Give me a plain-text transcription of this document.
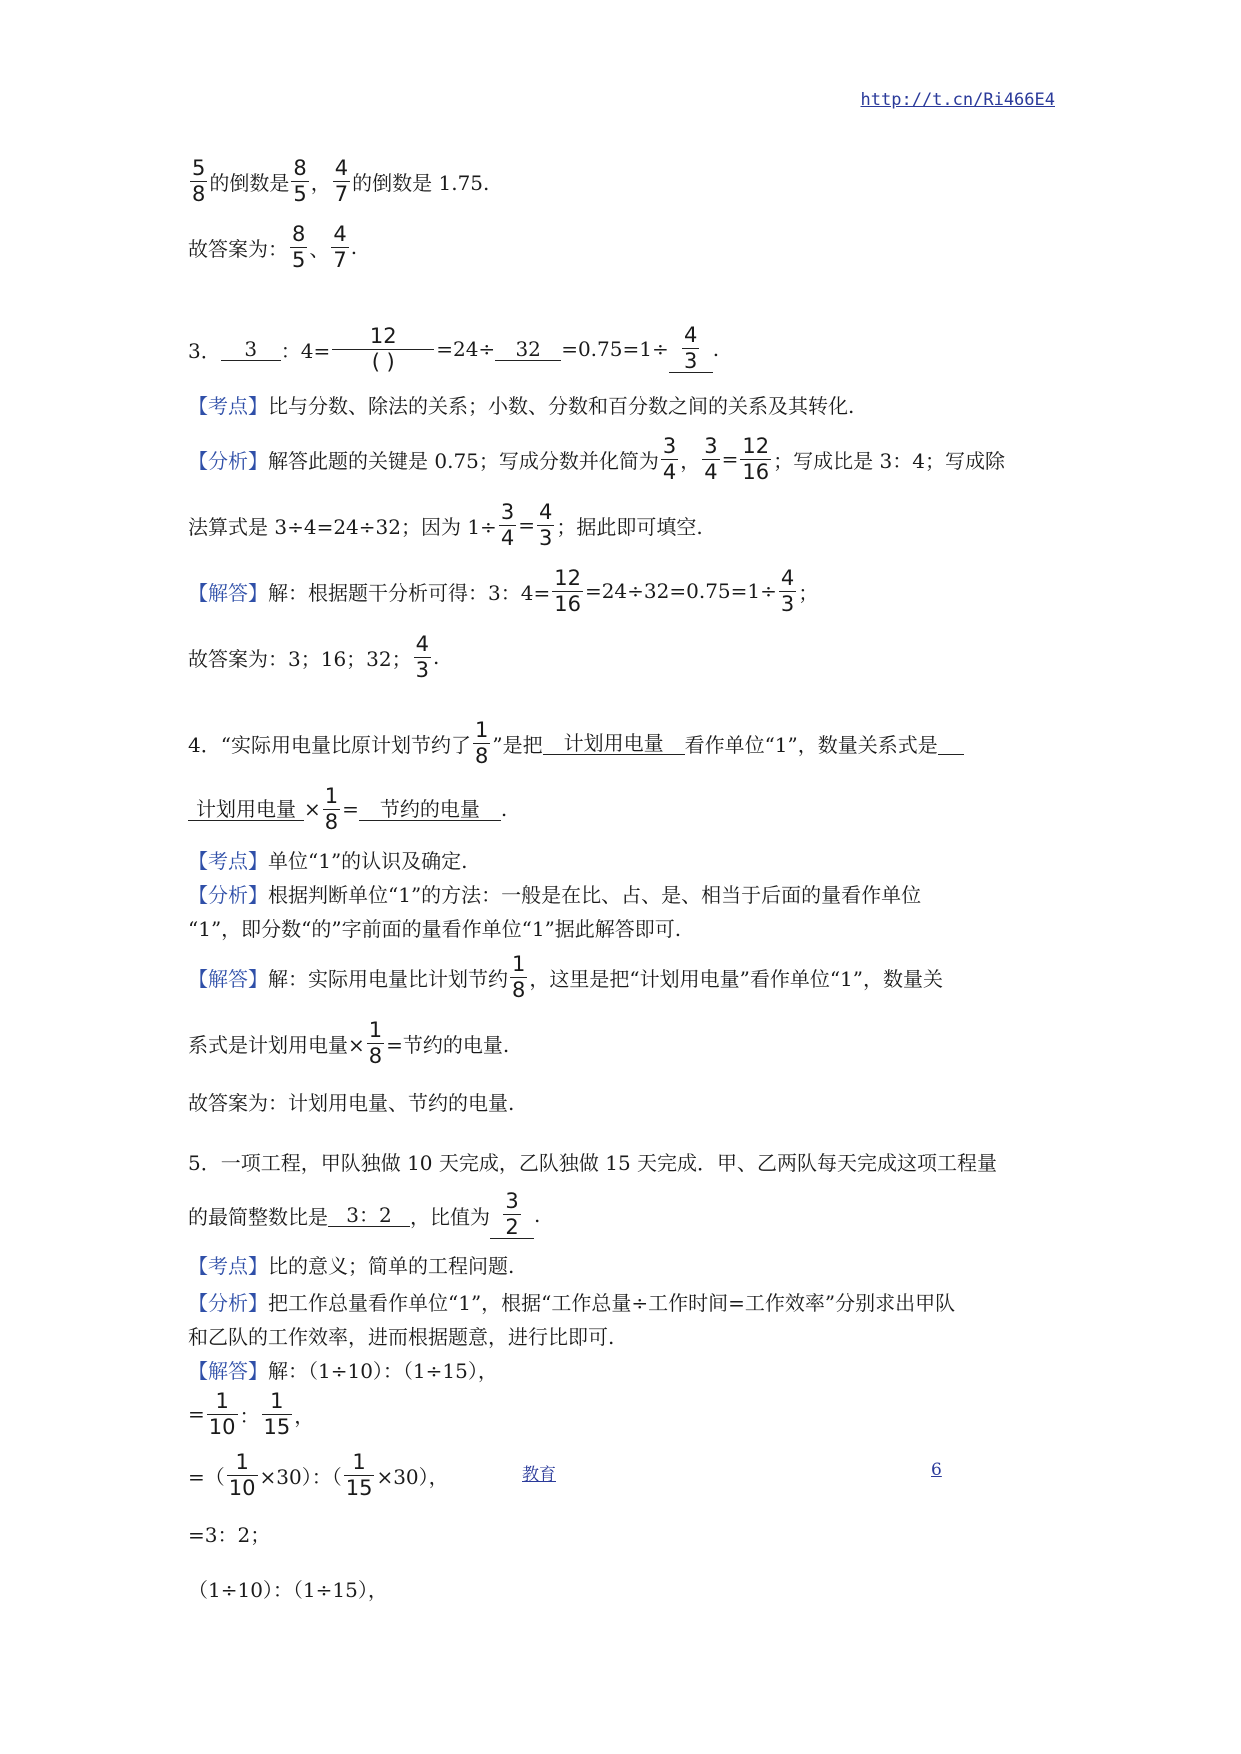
http://t.cn/Ri466E4
$\frac{5}{8}$ 的倒数是 $\frac{8}{5}$ ， $\frac{4}{7}$ 的倒数是 1.75.
故答案为： $\frac{8}{5}$ 、 $\frac{4}{7}$ .
3．	3	：$4= \frac{12}{( )} =24\div$	32	$=0.75=1\div \frac{4}{3}$ .
【考点】 比与分数、除法的关系；小数、分数和百分数之间的关系及其转化.
【分析】 解答此题的关键是 0.75；写成分数并化简为 $\frac{3}{4}$ ， $\frac{3}{4} = \frac{12}{16}$ ；写成比是 3：4；写成除
法算式是 3÷4=24÷32；因为 $1\div \frac{3}{4} = \frac{4}{3}$ ；据此即可填空.
【解答】 解：根据题干分析可得：3：$4= \frac{12}{16} =24\div 32=0.75=1\div \frac{4}{3}$ ；
故答案为：3；16；32； $\frac{4}{3}$ .
4． “实际用电量比原计划节约了 $\frac{1}{8}$ ”是把	计划用电量	看作单位“1”，数量关系式是

计划用电量 × $\frac{1}{8}$ =	节约的电量	.
【考点】 单位“1”的认识及确定.
【分析】 根据判断单位“1”的方法：一般是在比、占、是、相当于后面的量看作单位
“1”，即分数“的”字前面的量看作单位“1”据此解答即可.
【解答】 解：实际用电量比计划节约 $\frac{1}{8}$ ，这里是把“计划用电量”看作单位“1”，数量关
系式是计划用电量× $\frac{1}{8}$ =节约的电量.
故答案为：计划用电量、节约的电量.
5．一项工程，甲队独做 10 天完成，乙队独做 15 天完成．甲、乙两队每天完成这项工程量
的最简整数比是 3：2 ，比值为 $\frac{3}{2}$ .
【考点】 比的意义；简单的工程问题.
【分析】 把工作总量看作单位“1”，根据“工作总量÷工作时间=工作效率”分别求出甲队
和乙队的工作效率，进而根据题意，进行比即可.
【解答】 解：（1÷10）：（1÷15），
= $\frac{1}{10}$ ： $\frac{1}{15}$ ，
=（ $\frac{1}{10} \times 30$）：（ $\frac{1}{15} \times 30$），
=3：2；
（1÷10）：（1÷15），
教育	6
